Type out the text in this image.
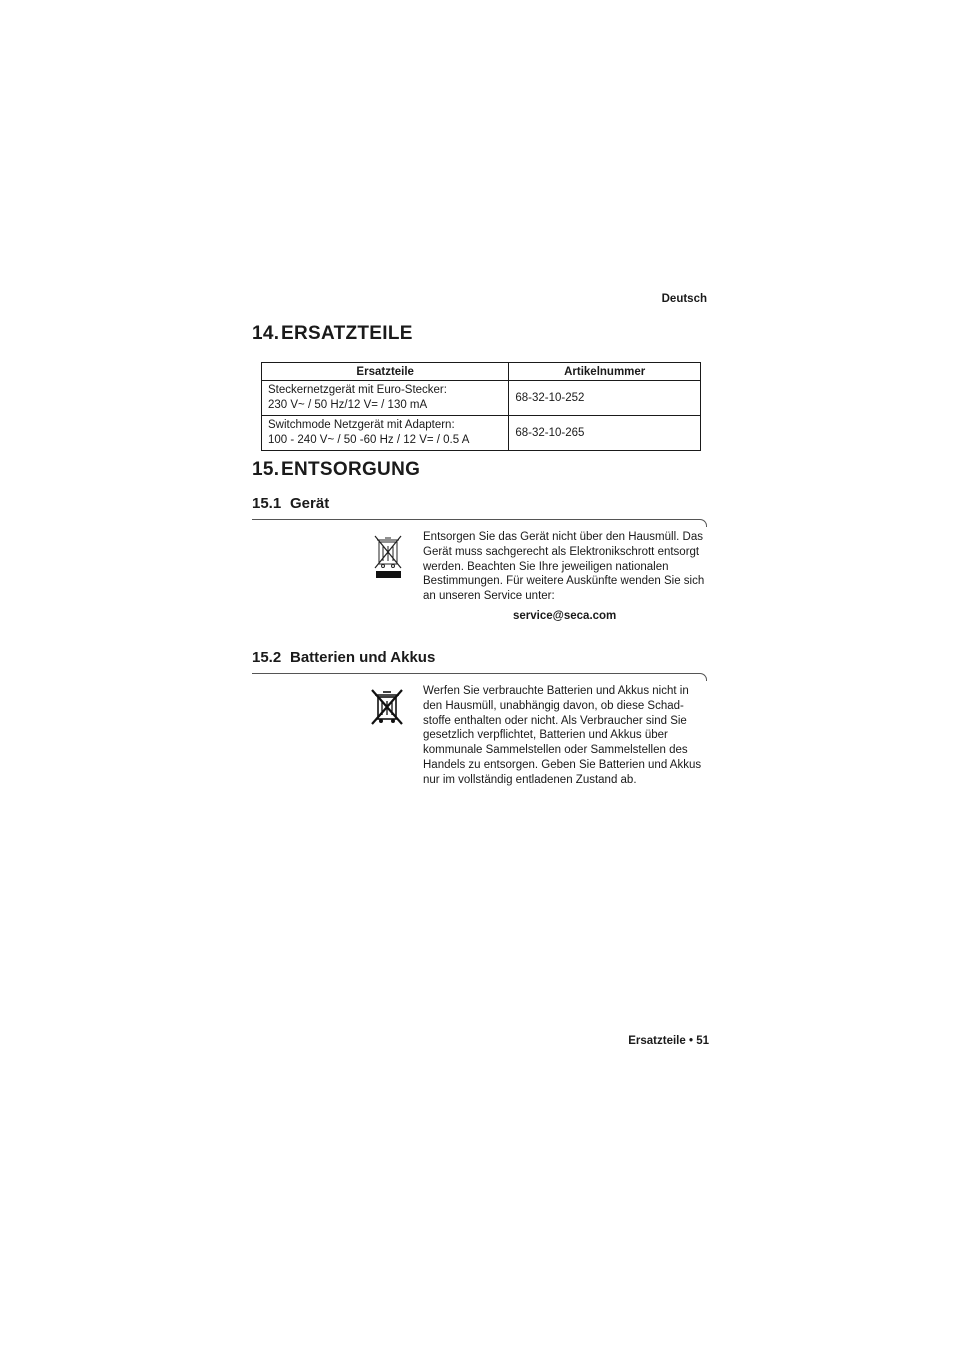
Deutsch
14.ERSATZTEILE
Ersatzteile	Artikelnummer

Steckernetzgerät mit Euro-Stecker:
230 V~ / 50 Hz/12 V= / 130 mA	68-32-10-252

Switchmode Netzgerät mit Adaptern:
100 - 240 V~ / 50 -60 Hz / 12 V= / 0.5 A	68-32-10-265
15.ENTSORGUNG
15.1 Gerät
Entsorgen Sie das Gerät nicht über den Hausmüll. Das
Gerät muss sachgerecht als Elektronikschrott entsorgt
werden. Beachten Sie Ihre jeweiligen nationalen
Bestimmungen. Für weitere Auskünfte wenden Sie sich
an unseren Service unter:
service@seca.com
15.2 Batterien und Akkus
Werfen Sie verbrauchte Batterien und Akkus nicht in
den Hausmüll, unabhängig davon, ob diese Schad-
stoffe enthalten oder nicht. Als Verbraucher sind Sie
gesetzlich verpflichtet, Batterien und Akkus über
kommunale Sammelstellen oder Sammelstellen des
Handels zu entsorgen. Geben Sie Batterien und Akkus
nur im vollständig entladenen Zustand ab.
Ersatzteile • 51
